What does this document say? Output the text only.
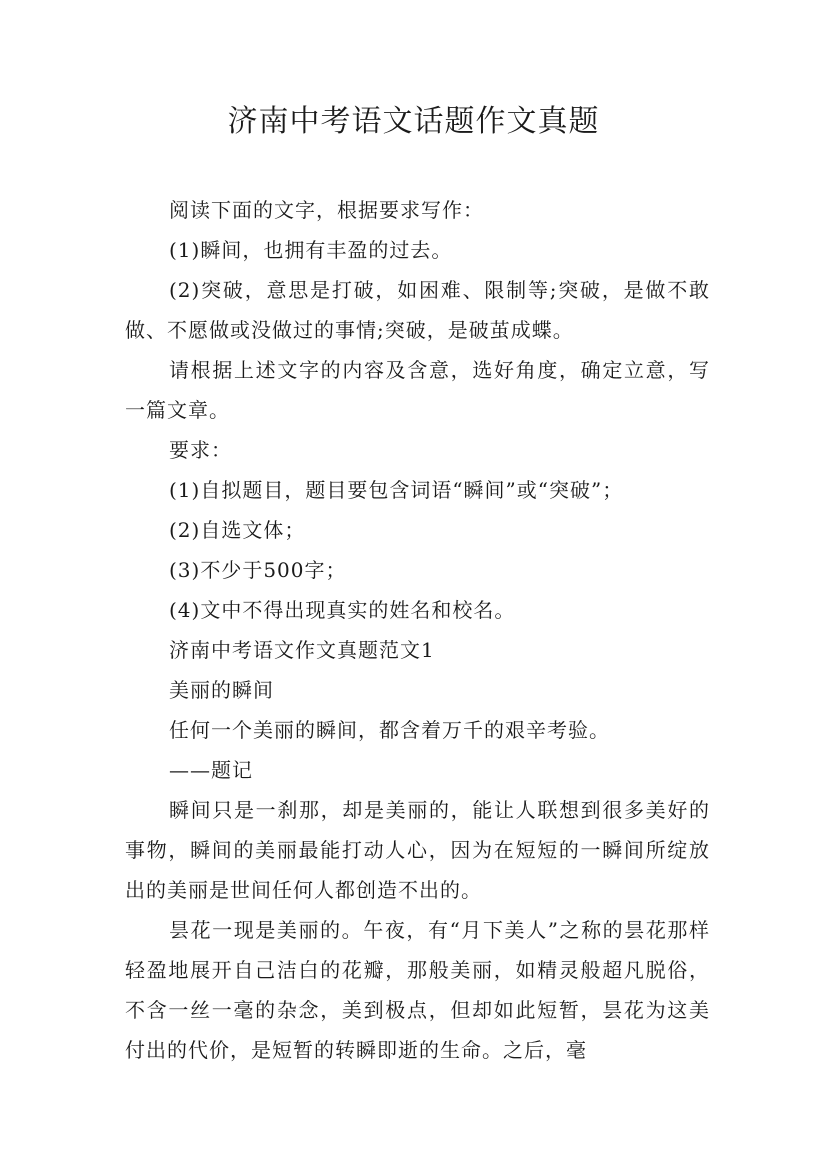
济南中考语文话题作文真题

阅读下面的文字，根据要求写作：

(1)瞬间，也拥有丰盈的过去。

(2)突破，意思是打破，如困难、限制等;突破，是做不敢做、不愿做或没做过的事情;突破，是破茧成蝶。

请根据上述文字的内容及含意，选好角度，确定立意，写一篇文章。

要求：

(1)自拟题目，题目要包含词语“瞬间”或“突破”；

(2)自选文体；

(3)不少于500字；

(4)文中不得出现真实的姓名和校名。

济南中考语文作文真题范文1

美丽的瞬间

任何一个美丽的瞬间，都含着万千的艰辛考验。

——题记

瞬间只是一刹那，却是美丽的，能让人联想到很多美好的事物，瞬间的美丽最能打动人心，因为在短短的一瞬间所绽放出的美丽是世间任何人都创造不出的。

昙花一现是美丽的。午夜，有“月下美人”之称的昙花那样轻盈地展开自己洁白的花瓣，那般美丽，如精灵般超凡脱俗，不含一丝一毫的杂念，美到极点，但却如此短暂，昙花为这美付出的代价，是短暂的转瞬即逝的生命。之后，毫
